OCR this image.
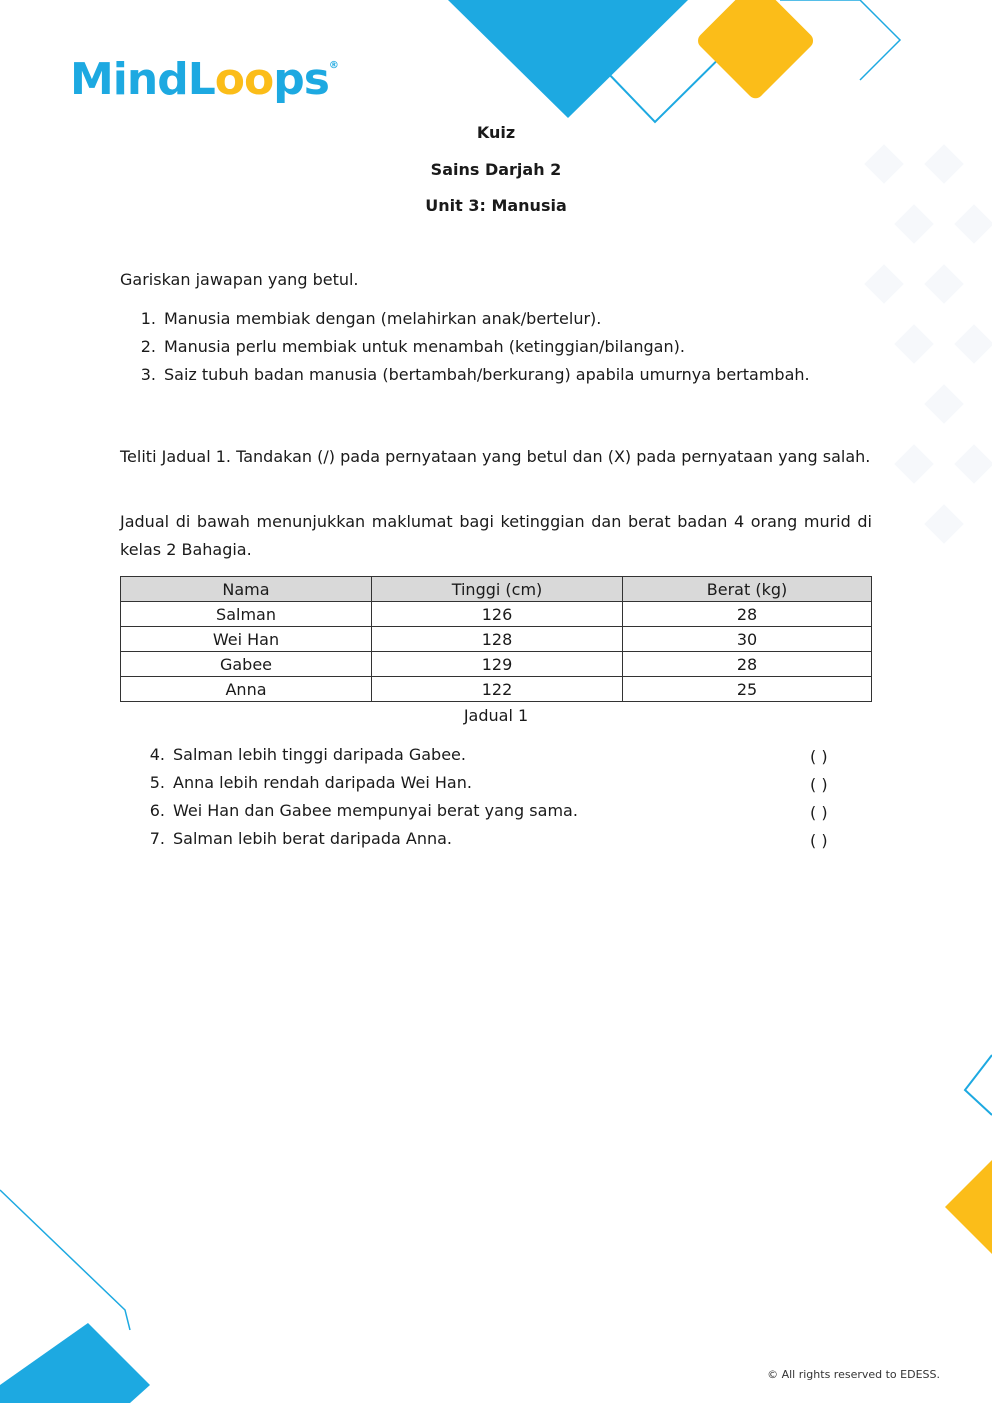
MindLoops®
Kuiz
Sains Darjah 2
Unit 3: Manusia
Gariskan jawapan yang betul.
1. Manusia membiak dengan (melahirkan anak/bertelur).
2. Manusia perlu membiak untuk menambah (ketinggian/bilangan).
3. Saiz tubuh badan manusia (bertambah/berkurang) apabila umurnya bertambah.
Teliti Jadual 1. Tandakan (/) pada pernyataan yang betul dan (X) pada pernyataan yang salah.
Jadual di bawah menunjukkan maklumat bagi ketinggian dan berat badan 4 orang murid di kelas 2 Bahagia.
Nama	Tinggi (cm)	Berat (kg)
Salman	126	28
Wei Han	128	30
Gabee	129	28
Anna	122	25
Jadual 1
4. Salman lebih tinggi daripada Gabee.	( )
5. Anna lebih rendah daripada Wei Han.	( )
6. Wei Han dan Gabee mempunyai berat yang sama.	( )
7. Salman lebih berat daripada Anna.	( )
© All rights reserved to EDESS.
